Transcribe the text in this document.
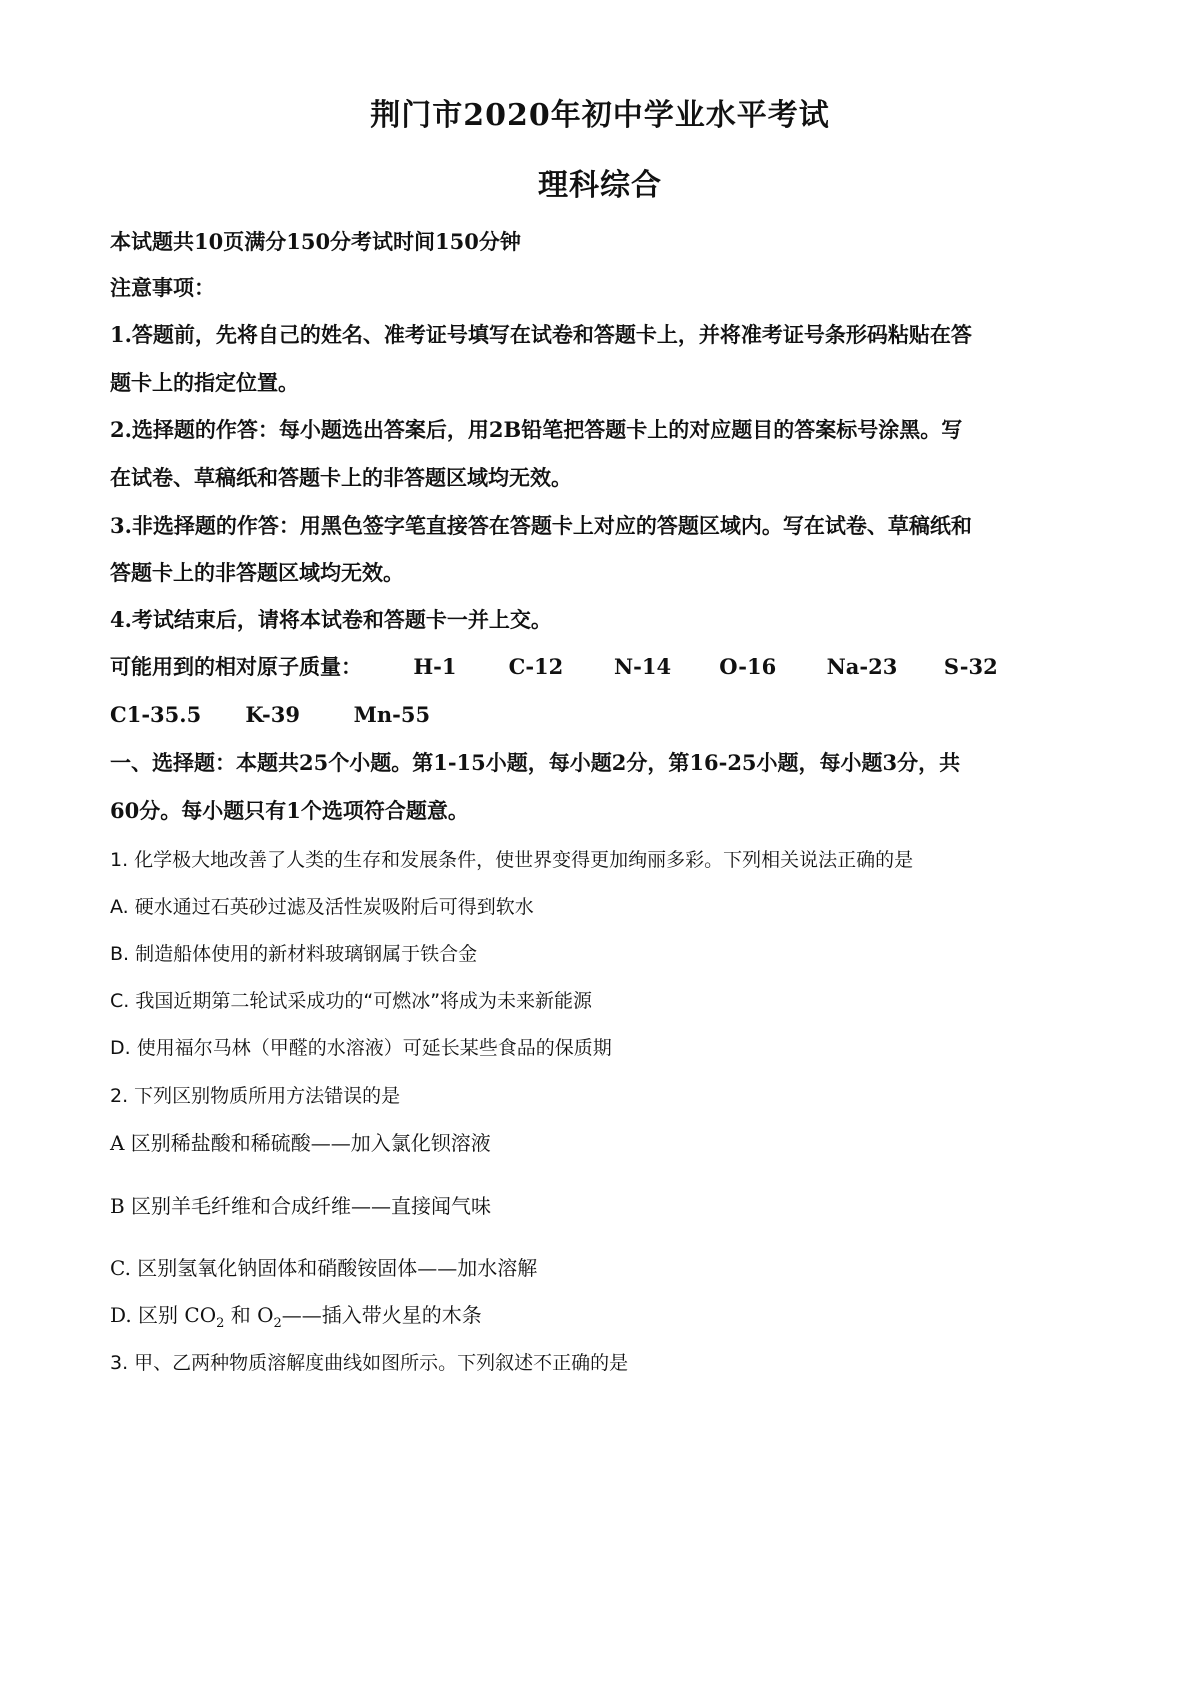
荆门市2020年初中学业水平考试
理科综合
本试题共10页满分150分考试时间150分钟
注意事项：
1.答题前，先将自己的姓名、准考证号填写在试卷和答题卡上，并将准考证号条形码粘贴在答
题卡上的指定位置。
2.选择题的作答：每小题选出答案后，用2B铅笔把答题卡上的对应题目的答案标号涂黑。写
在试卷、草稿纸和答题卡上的非答题区域均无效。
3.非选择题的作答：用黑色签字笔直接答在答题卡上对应的答题区域内。写在试卷、草稿纸和
答题卡上的非答题区域均无效。
4.考试结束后，请将本试卷和答题卡一并上交。
可能用到的相对原子质量： H-1 C-12 N-14 O-16 Na-23 S-32
C1-35.5 K-39	Mn-55
一、选择题：本题共25个小题。第1-15小题，每小题2分，第16-25小题，每小题3分，共
60分。每小题只有1个选项符合题意。
1. 化学极大地改善了人类的生存和发展条件，使世界变得更加绚丽多彩。下列相关说法正确的是
A. 硬水通过石英砂过滤及活性炭吸附后可得到软水
B. 制造船体使用的新材料玻璃钢属于铁合金
C. 我国近期第二轮试采成功的“可燃冰”将成为未来新能源
D. 使用福尔马林（甲醛的水溶液）可延长某些食品的保质期
2. 下列区别物质所用方法错误的是
A 区别稀盐酸和稀硫酸——加入氯化钡溶液
B 区别羊毛纤维和合成纤维——直接闻气味
C. 区别氢氧化钠固体和硝酸铵固体——加水溶解
D. 区别 $CO_2$ 和 $O_2——$插入带火星的木条
3. 甲、乙两种物质溶解度曲线如图所示。下列叙述不正确的是
